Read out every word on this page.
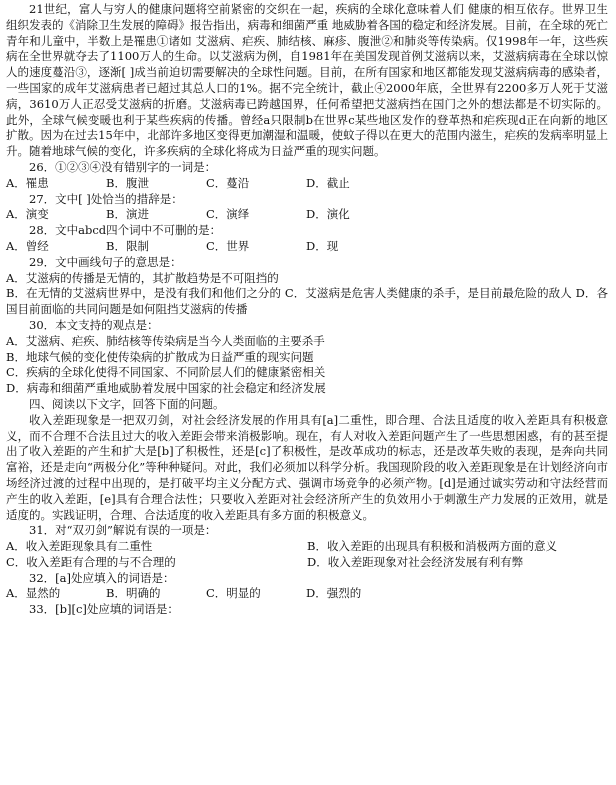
21世纪，富人与穷人的健康问题将空前紧密的交织在一起，疾病的全球化意味着人们 健康的相互依存。世界卫生组织发表的《消除卫生发展的障碍》报告指出，病毒和细菌严重 地威胁着各国的稳定和经济发展。目前，在全球的死亡青年和儿童中，半数上是罹患①诸如 艾滋病、疟疾、肺结核、麻疹、腹泄②和肺炎等传染病。仅1998年一年，这些疾病在全世界就夺去了1100万人的生命。以艾滋病为例，自1981年在美国发现首例艾滋病以来，艾滋病病毒在全球以惊人的速度蔓沿③，逐渐[ ]成当前迫切需要解决的全球性问题。目前，在所有国家和地区都能发现艾滋病病毒的感染者，一些国家的成年艾滋病患者已超过其总人口的1%。据不完全统计，截止④2000年底，全世界有2200多万人死于艾滋病，3610万人正忍受艾滋病的折磨。艾滋病毒已跨越国界，任何希望把艾滋病挡在国门之外的想法都是不切实际的。此外，全球气候变暖也利于某些疾病的传播。曾经a只限制b在世界c某些地区发作的登革热和疟疾现d正在向新的地区扩散。因为在过去15年中，北部许多地区变得更加潮湿和温暖，使蚊子得以在更大的范围内滋生，疟疾的发病率明显上升。随着地球气候的变化，许多疾病的全球化将成为日益严重的现实问题。

26．①②③④没有错别字的一词是：

A．罹患	B．腹泄	C．蔓沿	D．截止

27．文中[ ]处恰当的措辞是：

A．演变	B．演进	C．演绎	D．演化

28．文中abcd四个词中不可删的是：

A．曾经	B．限制	C．世界	D．现

29．文中画线句子的意思是：

A．艾滋病的传播是无情的，其扩散趋势是不可阻挡的

B．在无情的艾滋病世界中，是没有我们和他们之分的 C．艾滋病是危害人类健康的杀手，是目前最危险的敌人 D．各国目前面临的共同问题是如何阻挡艾滋病的传播

30．本文支持的观点是：

A．艾滋病、疟疾、肺结核等传染病是当今人类面临的主要杀手

B．地球气候的变化使传染病的扩散成为日益严重的现实问题

C．疾病的全球化使得不同国家、不同阶层人们的健康紧密相关

D．病毒和细菌严重地威胁着发展中国家的社会稳定和经济发展

四、阅读以下文字，回答下面的问题。

收入差距现象是一把双刃剑，对社会经济发展的作用具有[a]二重性，即合理、合法且适度的收入差距具有积极意义，而不合理不合法且过大的收入差距会带来消极影响。现在，有人对收入差距问题产生了一些思想困惑，有的甚至提出了收入差距的产生和扩大是[b]了积极性，还是[c]了积极性，是改革成功的标志，还是改革失败的表现，是奔向共同富裕，还是走向“两极分化”等种种疑问。对此，我们必须加以科学分析。我国现阶段的收入差距现象是在计划经济向市场经济过渡的过程中出现的，是打破平均主义分配方式、强调市场竞争的必须产物。[d]是通过诚实劳动和守法经营而产生的收入差距，[e]具有合理合法性；只要收入差距对社会经济所产生的负效用小于刺激生产力发展的正效用，就是适度的。实践证明，合理、合法适度的收入差距具有多方面的积极意义。

31．对“双刃剑”解说有误的一项是：

A．收入差距现象具有二重性	B．收入差距的出现具有积极和消极两方面的意义
C．收入差距有合理的与不合理的	D．收入差距现象对社会经济发展有利有弊

32．[a]处应填入的词语是：

A．显然的	B．明确的	C．明显的	D．强烈的

33．[b][c]处应填的词语是：
